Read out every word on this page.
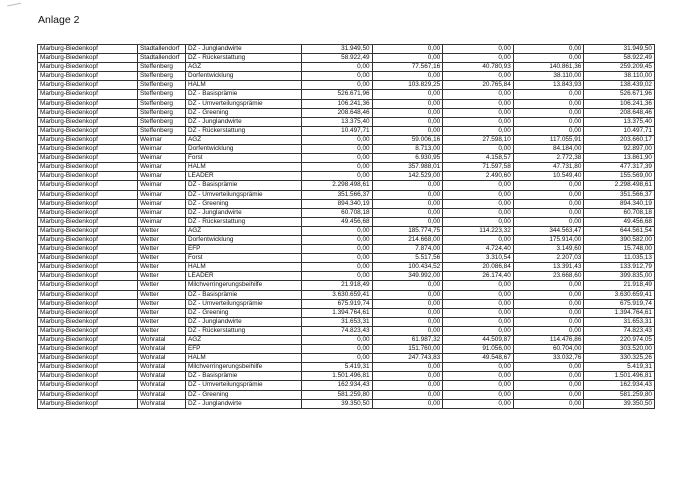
Anlage 2
Marburg-Biedenkopf	Stadtallendorf	DZ - Junglandwirte	31.949,50	0,00	0,00	0,00	31.949,50
Marburg-Biedenkopf	Stadtallendorf	DZ - Rückerstattung	58.922,49	0,00	0,00	0,00	58.922,49
Marburg-Biedenkopf	Steffenberg	AGZ	0,00	77.567,16	40.780,93	140.861,36	259.209,45
Marburg-Biedenkopf	Steffenberg	Dorfentwicklung	0,00	0,00	0,00	38.110,00	38.110,00
Marburg-Biedenkopf	Steffenberg	HALM	0,00	103.829,25	20.765,84	13.843,93	138.439,02
Marburg-Biedenkopf	Steffenberg	DZ - Basisprämie	526.671,96	0,00	0,00	0,00	526.671,96
Marburg-Biedenkopf	Steffenberg	DZ - Umverteilungsprämie	106.241,36	0,00	0,00	0,00	106.241,36
Marburg-Biedenkopf	Steffenberg	DZ - Greening	208.648,46	0,00	0,00	0,00	208.648,46
Marburg-Biedenkopf	Steffenberg	DZ - Junglandwirte	13.375,40	0,00	0,00	0,00	13.375,40
Marburg-Biedenkopf	Steffenberg	DZ - Rückerstattung	10.497,71	0,00	0,00	0,00	10.497,71
Marburg-Biedenkopf	Weimar	AGZ	0,00	59.006,16	27.598,10	117.055,91	203.660,17
Marburg-Biedenkopf	Weimar	Dorfentwicklung	0,00	8.713,00	0,00	84.184,00	92.897,00
Marburg-Biedenkopf	Weimar	Forst	0,00	6.930,95	4.158,57	2.772,38	13.861,90
Marburg-Biedenkopf	Weimar	HALM	0,00	357.988,01	71.597,58	47.731,80	477.317,39
Marburg-Biedenkopf	Weimar	LEADER	0,00	142.529,00	2.490,60	10.549,40	155.569,00
Marburg-Biedenkopf	Weimar	DZ - Basisprämie	2.298.498,61	0,00	0,00	0,00	2.298.498,61
Marburg-Biedenkopf	Weimar	DZ - Umverteilungsprämie	351.566,37	0,00	0,00	0,00	351.566,37
Marburg-Biedenkopf	Weimar	DZ - Greening	894.340,19	0,00	0,00	0,00	894.340,19
Marburg-Biedenkopf	Weimar	DZ - Junglandwirte	60.708,18	0,00	0,00	0,00	60.708,18
Marburg-Biedenkopf	Weimar	DZ - Rückerstattung	49.456,68	0,00	0,00	0,00	49.456,68
Marburg-Biedenkopf	Wetter	AGZ	0,00	185.774,75	114.223,32	344.563,47	644.561,54
Marburg-Biedenkopf	Wetter	Dorfentwicklung	0,00	214.668,00	0,00	175.914,00	390.582,00
Marburg-Biedenkopf	Wetter	EFP	0,00	7.874,00	4.724,40	3.149,60	15.748,00
Marburg-Biedenkopf	Wetter	Forst	0,00	5.517,56	3.310,54	2.207,03	11.035,13
Marburg-Biedenkopf	Wetter	HALM	0,00	100.434,52	20.086,84	13.391,43	133.912,79
Marburg-Biedenkopf	Wetter	LEADER	0,00	349.992,00	26.174,40	23.668,60	399.835,00
Marburg-Biedenkopf	Wetter	Milchverringerungsbeihilfe	21.918,49	0,00	0,00	0,00	21.918,49
Marburg-Biedenkopf	Wetter	DZ - Basisprämie	3.630.659,41	0,00	0,00	0,00	3.630.659,41
Marburg-Biedenkopf	Wetter	DZ - Umverteilungsprämie	675.919,74	0,00	0,00	0,00	675.919,74
Marburg-Biedenkopf	Wetter	DZ - Greening	1.394.764,61	0,00	0,00	0,00	1.394.764,61
Marburg-Biedenkopf	Wetter	DZ - Junglandwirte	31.653,31	0,00	0,00	0,00	31.653,31
Marburg-Biedenkopf	Wetter	DZ - Rückerstattung	74.823,43	0,00	0,00	0,00	74.823,43
Marburg-Biedenkopf	Wohratal	AGZ	0,00	61.987,32	44.509,87	114.476,86	220.974,05
Marburg-Biedenkopf	Wohratal	EFP	0,00	151.760,00	91.056,00	60.704,00	303.520,00
Marburg-Biedenkopf	Wohratal	HALM	0,00	247.743,83	49.548,67	33.032,76	330.325,26
Marburg-Biedenkopf	Wohratal	Milchverringerungsbeihilfe	5.419,31	0,00	0,00	0,00	5.419,31
Marburg-Biedenkopf	Wohratal	DZ - Basisprämie	1.501.496,81	0,00	0,00	0,00	1.501.496,81
Marburg-Biedenkopf	Wohratal	DZ - Umverteilungsprämie	162.934,43	0,00	0,00	0,00	162.934,43
Marburg-Biedenkopf	Wohratal	DZ - Greening	581.259,80	0,00	0,00	0,00	581.259,80
Marburg-Biedenkopf	Wohratal	DZ - Junglandwirte	39.350,50	0,00	0,00	0,00	39.350,50
